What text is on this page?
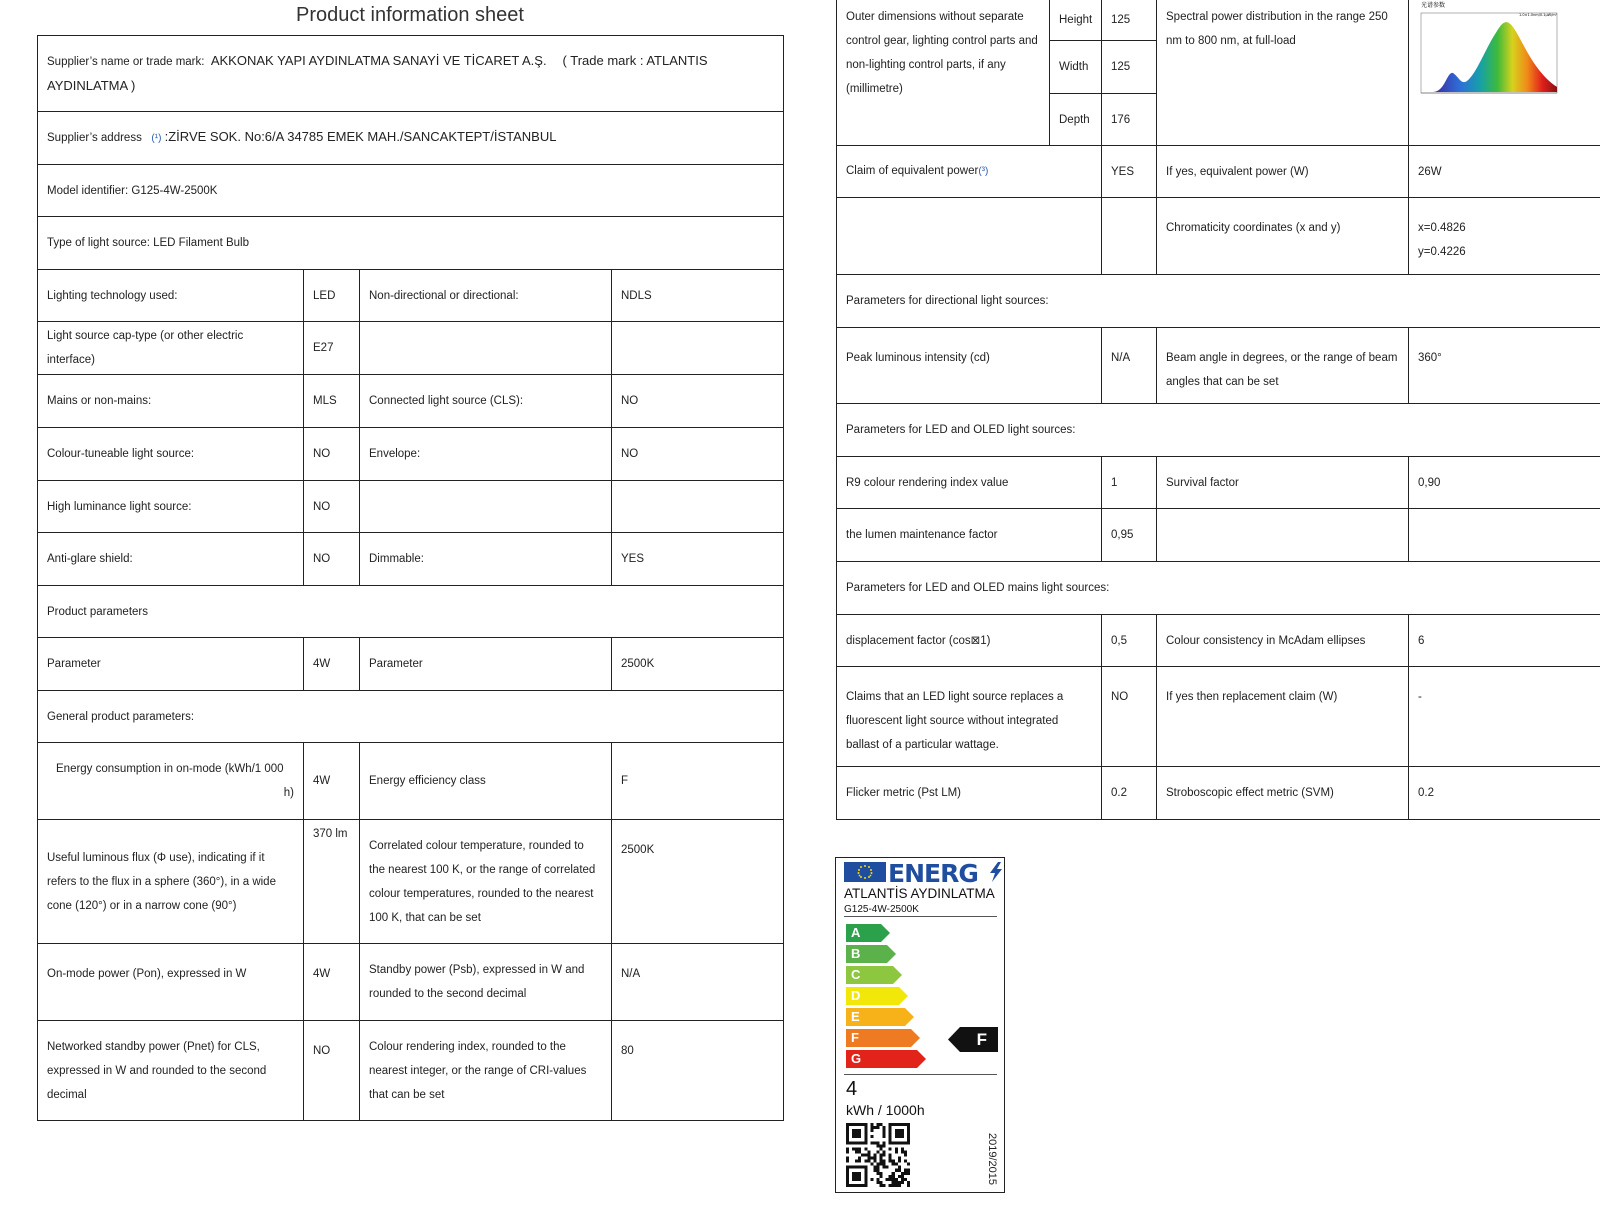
Product information sheet
Supplier’s name or trade mark: AKKONAK YAPI AYDINLATMA SANAYİ VE TİCARET A.Ş. ( Trade mark : ATLANTIS
AYDINLATMA )			
Supplier’s address (¹) :ZİRVE SOK. No:6/A 34785 EMEK MAH./SANCAKTEPT/İSTANBUL			
Model identifier: G125-4W-2500K			
Type of light source: LED Filament Bulb			
Lighting technology used:	LED	Non-directional or directional:	NDLS
Light source cap-type (or other electric interface)	E27		
Mains or non-mains:	MLS	Connected light source (CLS):	NO
Colour-tuneable light source:	NO	Envelope:	NO
High luminance light source:	NO		
Anti-glare shield:	NO	Dimmable:	YES
Product parameters			
Parameter	4W	Parameter	2500K
General product parameters:			
Energy consumption in on-mode (kWh/1 000

h)	4W	Energy efficiency class	F
Useful luminous flux (Φ use), indicating if it refers to the flux in a sphere (360°), in a wide cone (120°) or in a narrow cone (90°)	370 lm	Correlated colour temperature, rounded to the nearest 100 K, or the range of correlated colour temperatures, rounded to the nearest 100 K, that can be set	2500K
On-mode power (Pon), expressed in W	4W	Standby power (Psb), expressed in W and rounded to the second decimal	N/A
Networked standby power (Pnet) for CLS, expressed in W and rounded to the second decimal	NO	Colour rendering index, rounded to the nearest integer, or the range of CRI-values that can be set	80
Outer dimensions without separate control gear, lighting control parts and non-lighting control parts, if any (millimetre)	Height	125	Spectral power distribution in the range 250 nm to 800 nm, at full-load	光谱参数
1.0×1.0nm/0.1μW/m²

	Width	125		
	Depth	176		
Claim of equivalent power(³)		YES	If yes, equivalent power (W)	26W
			Chromaticity coordinates (x and y)	x=0.4826
y=0.4226
Parameters for directional light sources:				
Peak luminous intensity (cd)		N/A	Beam angle in degrees, or the range of beam angles that can be set	360°
Parameters for LED and OLED light sources:				
R9 colour rendering index value		1	Survival factor	0,90
the lumen maintenance factor		0,95		
Parameters for LED and OLED mains light sources:				
displacement factor (cos⊠1)		0,5	Colour consistency in McAdam ellipses	6
Claims that an LED light source replaces a fluorescent light source without integrated ballast of a particular wattage.		NO	If yes then replacement claim (W)	-
Flicker metric (Pst LM)		0.2	Stroboscopic effect metric (SVM)	0.2
ENERG
ATLANTİS AYDINLATMA
G125-4W-2500K
A
B
C
D
E
F
G
F
4
kWh / 1000h
2019/2015
